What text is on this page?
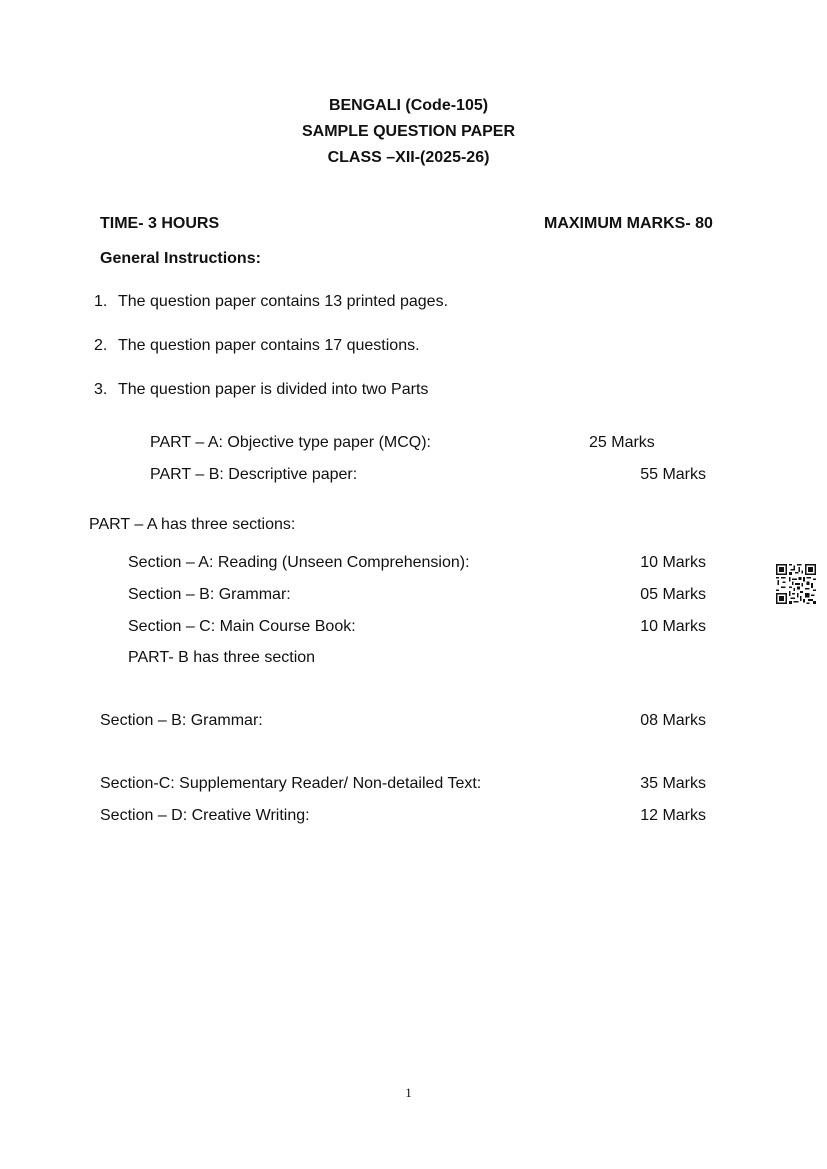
BENGALI (Code-105)
SAMPLE QUESTION PAPER
CLASS –XII-(2025-26)
TIME- 3 HOURS	MAXIMUM MARKS- 80
General Instructions:
1. The question paper contains 13 printed pages.
2. The question paper contains 17 questions.
3. The question paper is divided into two Parts
PART – A: Objective type paper (MCQ):	25 Marks
PART – B: Descriptive paper:	55 Marks
PART – A has three sections:
Section – A: Reading (Unseen Comprehension):	10 Marks
Section – B: Grammar:	05 Marks
Section – C: Main Course Book:	10 Marks
PART- B has three section
Section – B: Grammar:	08 Marks
Section-C: Supplementary Reader/ Non-detailed Text:	35 Marks
Section – D: Creative Writing:	12 Marks
1
